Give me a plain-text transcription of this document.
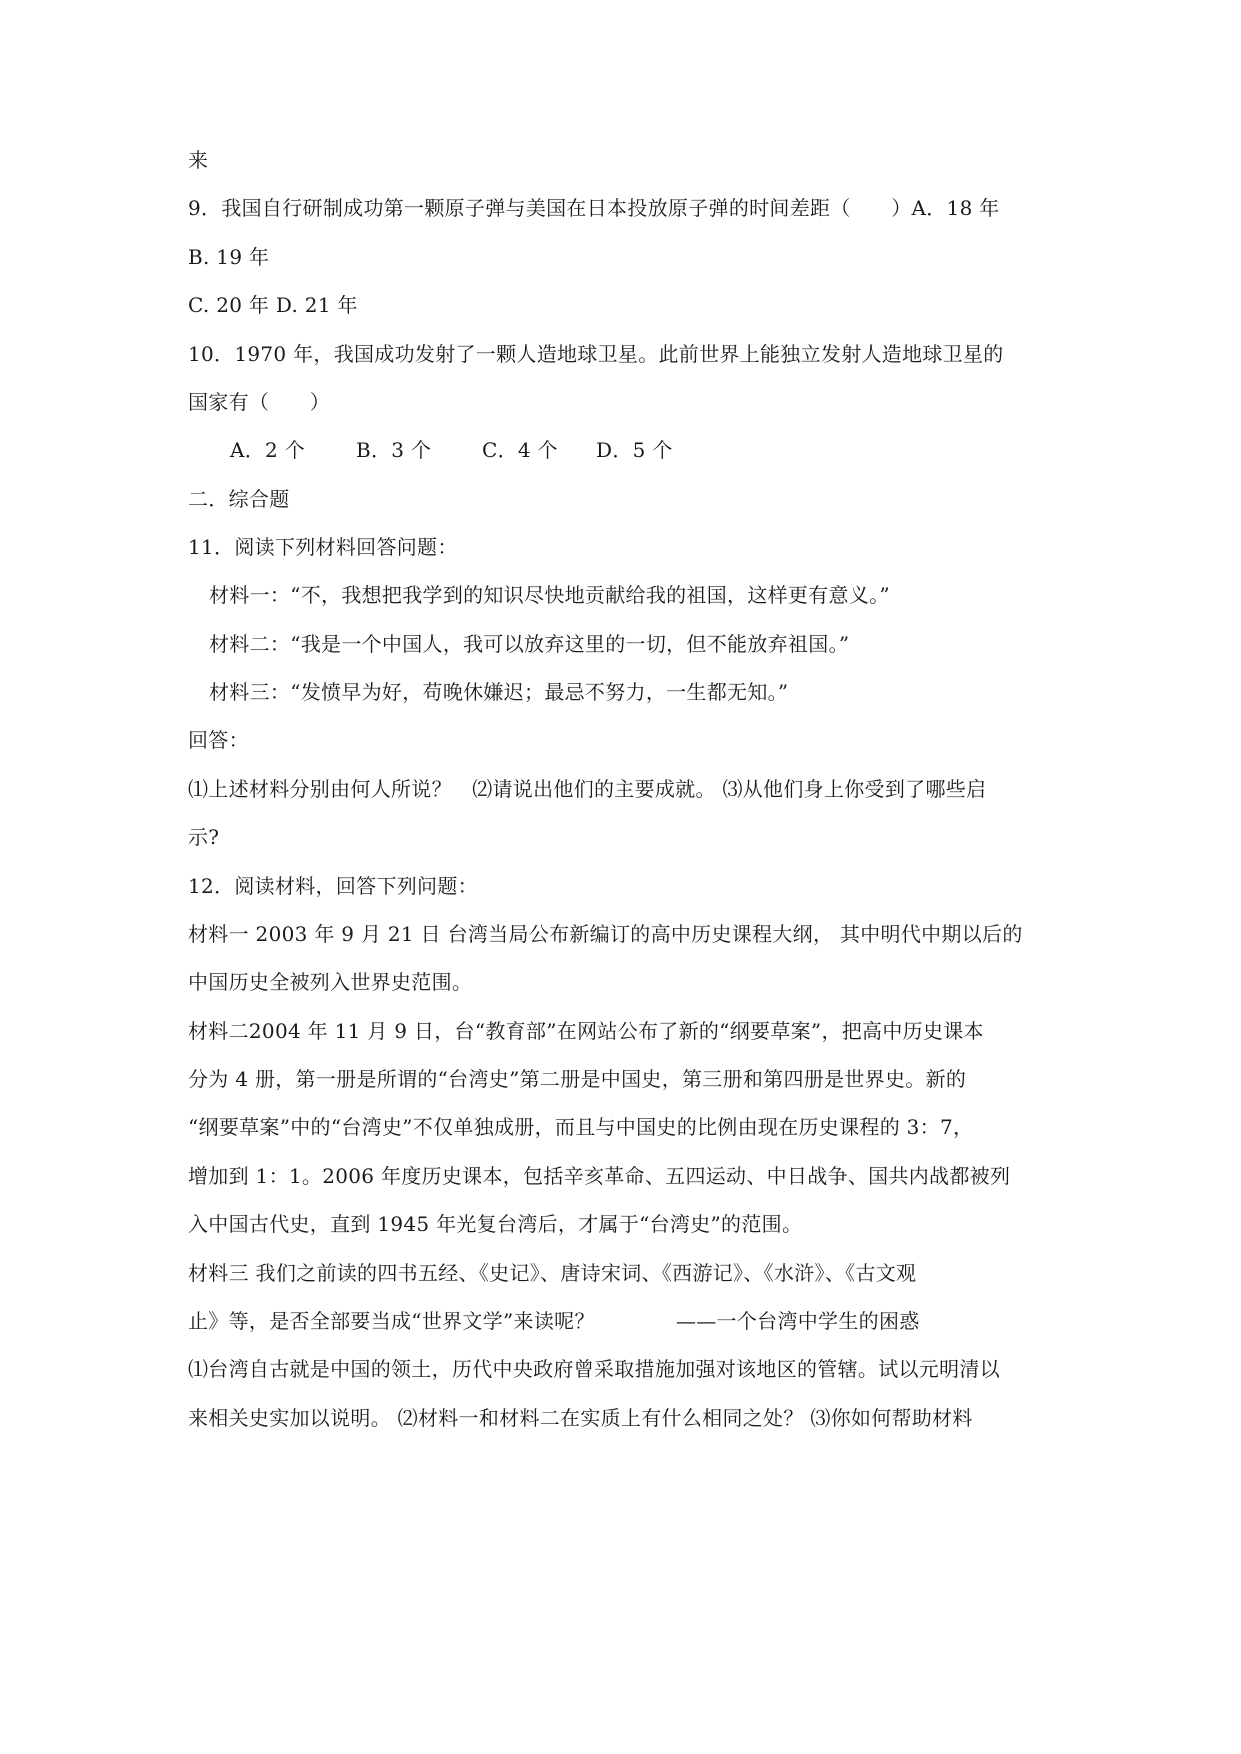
来
9．我国自行研制成功第一颗原子弹与美国在日本投放原子弹的时间差距（　　）A．18 年
B. 19 年
C. 20 年 D. 21 年
10．1970 年，我国成功发射了一颗人造地球卫星。此前世界上能独立发射人造地球卫星的
国家有（　　）
A．2 个	B．3 个	C．4 个 D．5 个
二．综合题
11．阅读下列材料回答问题：
材料一：“不，我想把我学到的知识尽快地贡献给我的祖国，这样更有意义。”
材料二：“我是一个中国人，我可以放弃这里的一切，但不能放弃祖国。”
材料三：“发愤早为好，苟晚休嫌迟；最忌不努力，一生都无知。”
回答：
⑴上述材料分别由何人所说？　⑵请说出他们的主要成就。 ⑶从他们身上你受到了哪些启
示?
12．阅读材料，回答下列问题：
材料一 2003 年 9 月 21 日 台湾当局公布新编订的高中历史课程大纲， 其中明代中期以后的
中国历史全被列入世界史范围。
材料二2004 年 11 月 9 日，台“教育部”在网站公布了新的“纲要草案”，把高中历史课本
分为 4 册，第一册是所谓的“台湾史”第二册是中国史，第三册和第四册是世界史。新的
“纲要草案”中的“台湾史”不仅单独成册，而且与中国史的比例由现在历史课程的 3：7，
增加到 1：1。2006 年度历史课本，包括辛亥革命、五四运动、中日战争、国共内战都被列
入中国古代史，直到 1945 年光复台湾后，才属于“台湾史”的范围。
材料三 我们之前读的四书五经、《史记》、唐诗宋词、《西游记》、《水浒》、《古文观
止》等，是否全部要当成“世界文学”来读呢？　　　　——一个台湾中学生的困惑
⑴台湾自古就是中国的领土，历代中央政府曾采取措施加强对该地区的管辖。试以元明清以
来相关史实加以说明。 ⑵材料一和材料二在实质上有什么相同之处？ ⑶你如何帮助材料
